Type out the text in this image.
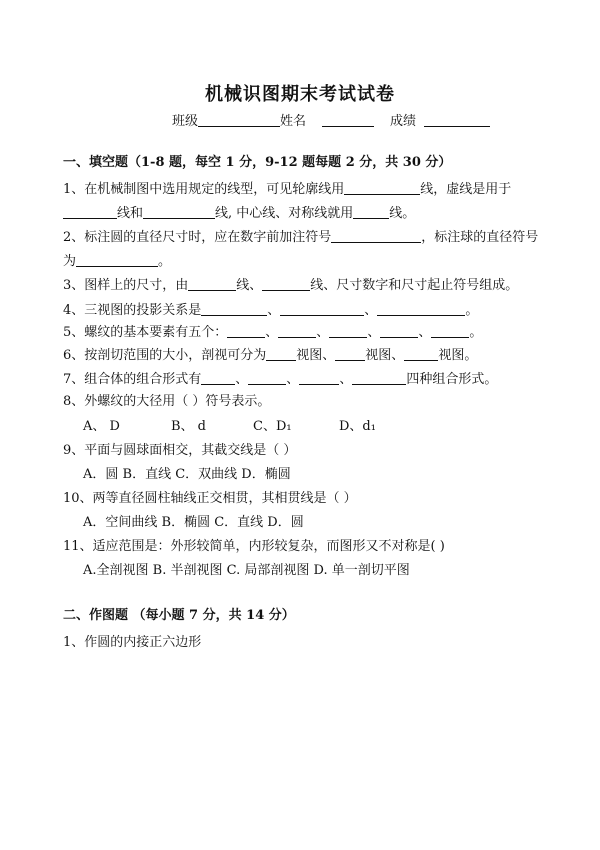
机械识图期末考试试卷
班级	姓名	成绩
一、填空题（1-8 题，每空 1 分，9-12 题每题 2 分，共 30 分）
1、在机械制图中选用规定的线型，可见轮廓线用	线，虚线是用于
线和	线, 中心线、对称线就用	线。
2、标注圆的直径尺寸时，应在数字前加注符号	，标注球的直径符号
为	。
3、图样上的尺寸，由	线、	线、尺寸数字和尺寸起止符号组成。
4、三视图的投影关系是	、	、	。
5、螺纹的基本要素有五个：	、	、	、	、	。
6、按剖切范围的大小，剖视可分为 视图、 视图、	视图。
7、组合体的组合形式有	、	、	、	四种组合形式。
8、外螺纹的大径用（ ）符号表示。
A、 D	B、 d	C、D₁	D、d₁
9、平面与圆球面相交，其截交线是（ ）
A．圆 B．直线 C．双曲线 D．椭圆
10、两等直径圆柱轴线正交相贯，其相贯线是（ ）
A．空间曲线 B．椭圆 C．直线 D．圆
11、适应范围是：外形较简单，内形较复杂，而图形又不对称是( )
A.全剖视图 B. 半剖视图 C. 局部剖视图 D. 单一剖切平图
二、作图题 （每小题 7 分，共 14 分）
1、作圆的内接正六边形
